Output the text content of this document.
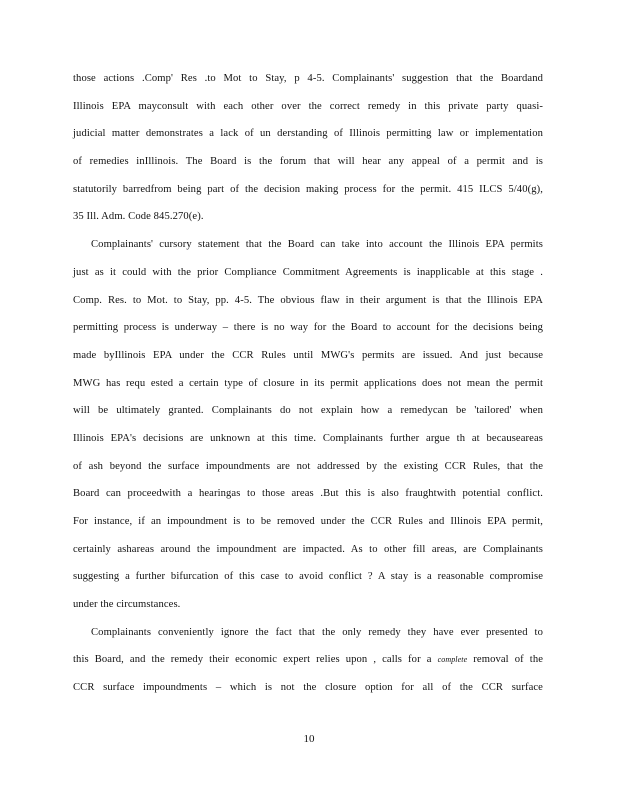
those actions .Comp' Res .to Mot to Stay, p 4-5. Complainants' suggestion that the Boardand
Illinois EPA mayconsult with each other over the correct remedy in this private party quasi-
judicial matter demonstrates a lack of un derstanding of Illinois permitting law or implementation
of remedies inIllinois. The Board is the forum that will hear any appeal of a permit and is
statutorily barredfrom being part of the decision making process for the permit. 415 ILCS 5/40(g),
35 Ill. Adm. Code 845.270(e).
Complainants' cursory statement that the Board can take into account the Illinois EPA permits
just as it could with the prior Compliance Commitment Agreements is inapplicable at this stage .
Comp. Res. to Mot. to Stay, pp. 4-5. The obvious flaw in their argument is that the Illinois EPA
permitting process is underway – there is no way for the Board to account for the decisions being
made byIllinois EPA under the CCR Rules until MWG's permits are issued. And just because
MWG has requ ested a certain type of closure in its permit applications does not mean the permit
will be ultimately granted. Complainants do not explain how a remedycan be 'tailored' when
Illinois EPA's decisions are unknown at this time. Complainants further argue th at becauseareas
of ash beyond the surface impoundments are not addressed by the existing CCR Rules, that the
Board can proceedwith a hearingas to those areas .But this is also fraughtwith potential conflict.
For instance, if an impoundment is to be removed under the CCR Rules and Illinois EPA permit,
certainly ashareas around the impoundment are impacted. As to other fill areas, are Complainants
suggesting a further bifurcation of this case to avoid conflict ? A stay is a reasonable compromise
under the circumstances.
Complainants conveniently ignore the fact that the only remedy they have ever presented to
this Board, and the remedy their economic expert relies upon , calls for a complete removal of the
CCR surface impoundments – which is not the closure option for all of the CCR surface
10
